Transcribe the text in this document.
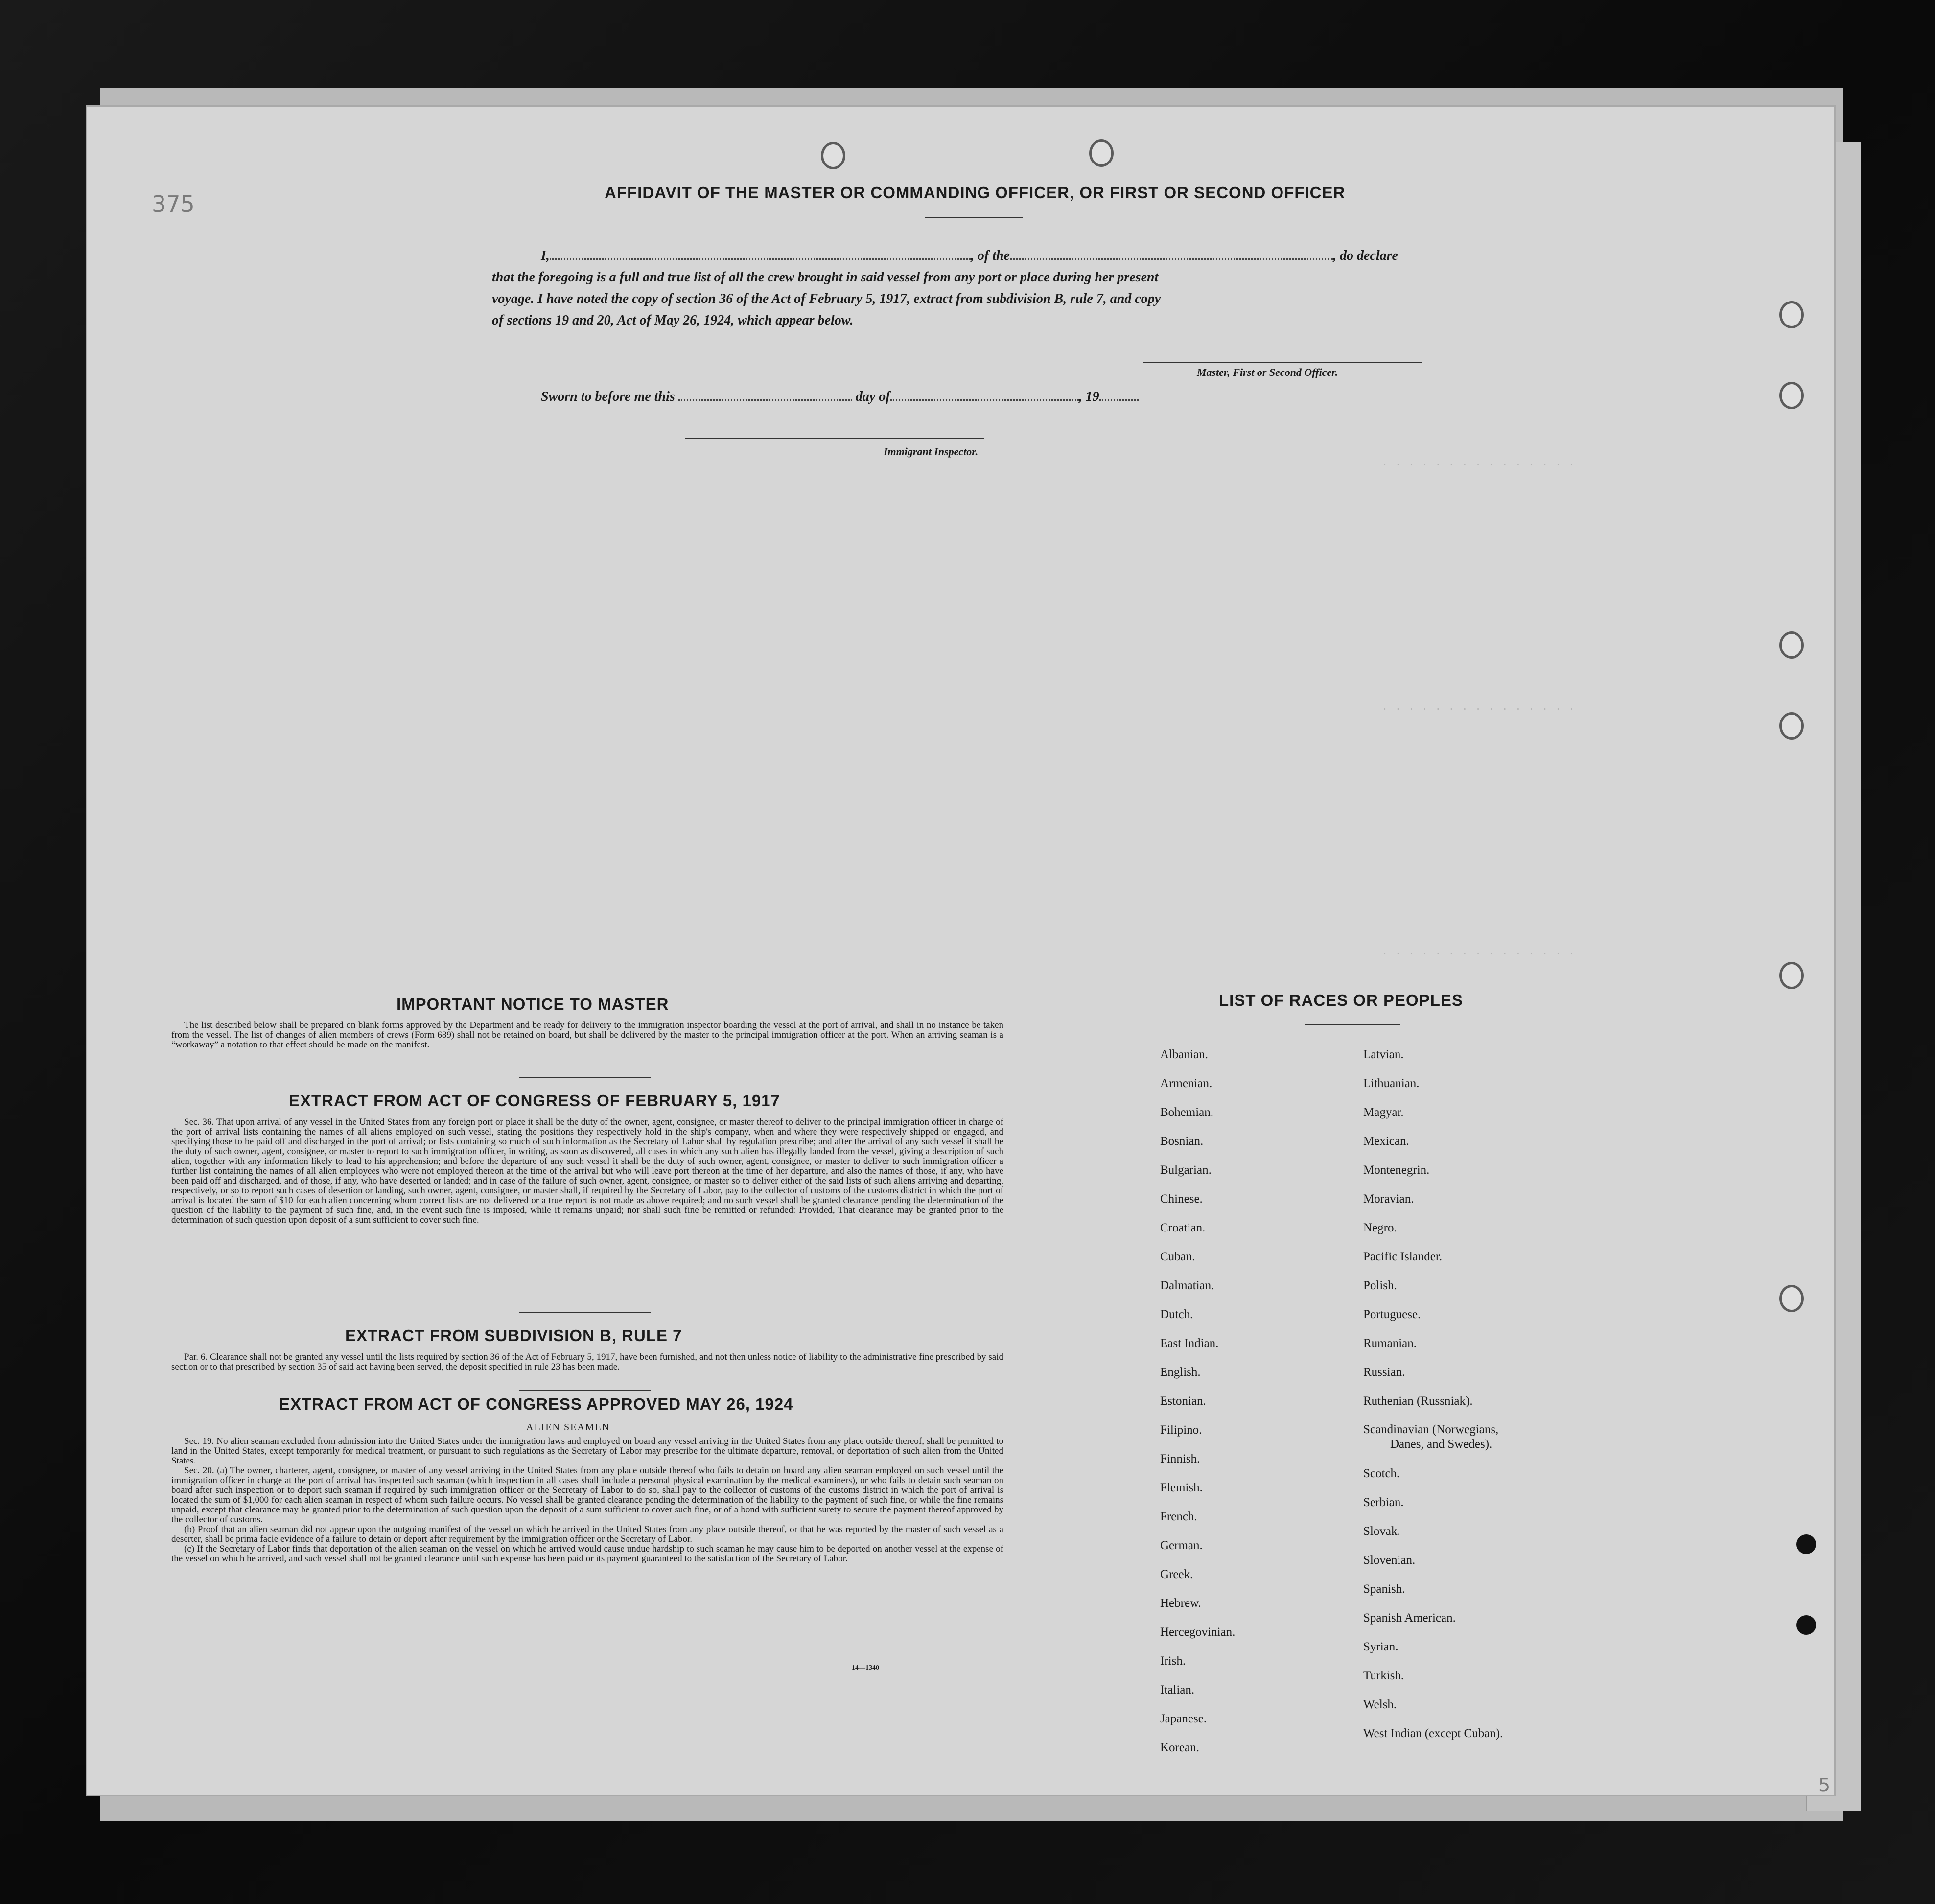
375
5
· · · · · · · · · · · · · · ·
· · · · · · · · · · · · · · ·
· · · · · · · · · · · · · · ·
AFFIDAVIT OF THE MASTER OR COMMANDING OFFICER, OR FIRST OR SECOND OFFICER
I,	, of the	, do declare
that the foregoing is a full and true list of all the crew brought in said vessel from any port or place during her present
voyage. I have noted the copy of section 36 of the Act of February 5, 1917, extract from subdivision B, rule 7, and copy
of sections 19 and 20, Act of May 26, 1924, which appear below.
Master, First or Second Officer.
Sworn to before me this	day of	, 19
Immigrant Inspector.
IMPORTANT NOTICE TO MASTER

The list described below shall be prepared on blank forms approved by the Department and be ready for delivery to the immigration inspector boarding the vessel at the port of arrival, and shall in no instance be taken from the vessel. The list of changes of alien members of crews (Form 689) shall not be retained on board, but shall be delivered by the master to the principal immigration officer at the port. When an arriving seaman is a “workaway” a notation to that effect should be made on the manifest.

EXTRACT FROM ACT OF CONGRESS OF FEBRUARY 5, 1917

Sec. 36. That upon arrival of any vessel in the United States from any foreign port or place it shall be the duty of the owner, agent, consignee, or master thereof to deliver to the principal immigration officer in charge of the port of arrival lists containing the names of all aliens employed on such vessel, stating the positions they respectively hold in the ship's company, when and where they were respectively shipped or engaged, and specifying those to be paid off and discharged in the port of arrival; or lists containing so much of such information as the Secretary of Labor shall by regulation prescribe; and after the arrival of any such vessel it shall be the duty of such owner, agent, consignee, or master to report to such immigration officer, in writing, as soon as discovered, all cases in which any such alien has illegally landed from the vessel, giving a description of such alien, together with any information likely to lead to his apprehension; and before the departure of any such vessel it shall be the duty of such owner, agent, consignee, or master to deliver to such immigration officer a further list containing the names of all alien employees who were not employed thereon at the time of the arrival but who will leave port thereon at the time of her departure, and also the names of those, if any, who have been paid off and discharged, and of those, if any, who have deserted or landed; and in case of the failure of such owner, agent, consignee, or master so to deliver either of the said lists of such aliens arriving and departing, respectively, or so to report such cases of desertion or landing, such owner, agent, consignee, or master shall, if required by the Secretary of Labor, pay to the collector of customs of the customs district in which the port of arrival is located the sum of $10 for each alien concerning whom correct lists are not delivered or a true report is not made as above required; and no such vessel shall be granted clearance pending the determination of the question of the liability to the payment of such fine, and, in the event such fine is imposed, while it remains unpaid; nor shall such fine be remitted or refunded: Provided, That clearance may be granted prior to the determination of such question upon deposit of a sum sufficient to cover such fine.

EXTRACT FROM SUBDIVISION B, RULE 7

Par. 6. Clearance shall not be granted any vessel until the lists required by section 36 of the Act of February 5, 1917, have been furnished, and not then unless notice of liability to the administrative fine prescribed by said section or to that prescribed by section 35 of said act having been served, the deposit specified in rule 23 has been made.

EXTRACT FROM ACT OF CONGRESS APPROVED MAY 26, 1924
ALIEN SEAMEN

Sec. 19. No alien seaman excluded from admission into the United States under the immigration laws and employed on board any vessel arriving in the United States from any place outside thereof, shall be permitted to land in the United States, except temporarily for medical treatment, or pursuant to such regulations as the Secretary of Labor may prescribe for the ultimate departure, removal, or deportation of such alien from the United States.

Sec. 20. (a) The owner, charterer, agent, consignee, or master of any vessel arriving in the United States from any place outside thereof who fails to detain on board any alien seaman employed on such vessel until the immigration officer in charge at the port of arrival has inspected such seaman (which inspection in all cases shall include a personal physical examination by the medical examiners), or who fails to detain such seaman on board after such inspection or to deport such seaman if required by such immigration officer or the Secretary of Labor to do so, shall pay to the collector of customs of the customs district in which the port of arrival is located the sum of $1,000 for each alien seaman in respect of whom such failure occurs. No vessel shall be granted clearance pending the determination of the liability to the payment of such fine, or while the fine remains unpaid, except that clearance may be granted prior to the determination of such question upon the deposit of a sum sufficient to cover such fine, or of a bond with sufficient surety to secure the payment thereof approved by the collector of customs.

(b) Proof that an alien seaman did not appear upon the outgoing manifest of the vessel on which he arrived in the United States from any place outside thereof, or that he was reported by the master of such vessel as a deserter, shall be prima facie evidence of a failure to detain or deport after requirement by the immigration officer or the Secretary of Labor.

(c) If the Secretary of Labor finds that deportation of the alien seaman on the vessel on which he arrived would cause undue hardship to such seaman he may cause him to be deported on another vessel at the expense of the vessel on which he arrived, and such vessel shall not be granted clearance until such expense has been paid or its payment guaranteed to the satisfaction of the Secretary of Labor.

14—1340
LIST OF RACES OR PEOPLES
Albanian.
Armenian.
Bohemian.
Bosnian.
Bulgarian.
Chinese.
Croatian.
Cuban.
Dalmatian.
Dutch.
East Indian.
English.
Estonian.
Filipino.
Finnish.
Flemish.
French.
German.
Greek.
Hebrew.
Hercegovinian.
Irish.
Italian.
Japanese.
Korean.
Latvian.
Lithuanian.
Magyar.
Mexican.
Montenegrin.
Moravian.
Negro.
Pacific Islander.
Polish.
Portuguese.
Rumanian.
Russian.
Ruthenian (Russniak).
Scandinavian (Norwegians,
Danes, and Swedes).
Scotch.
Serbian.
Slovak.
Slovenian.
Spanish.
Spanish American.
Syrian.
Turkish.
Welsh.
West Indian (except Cuban).
